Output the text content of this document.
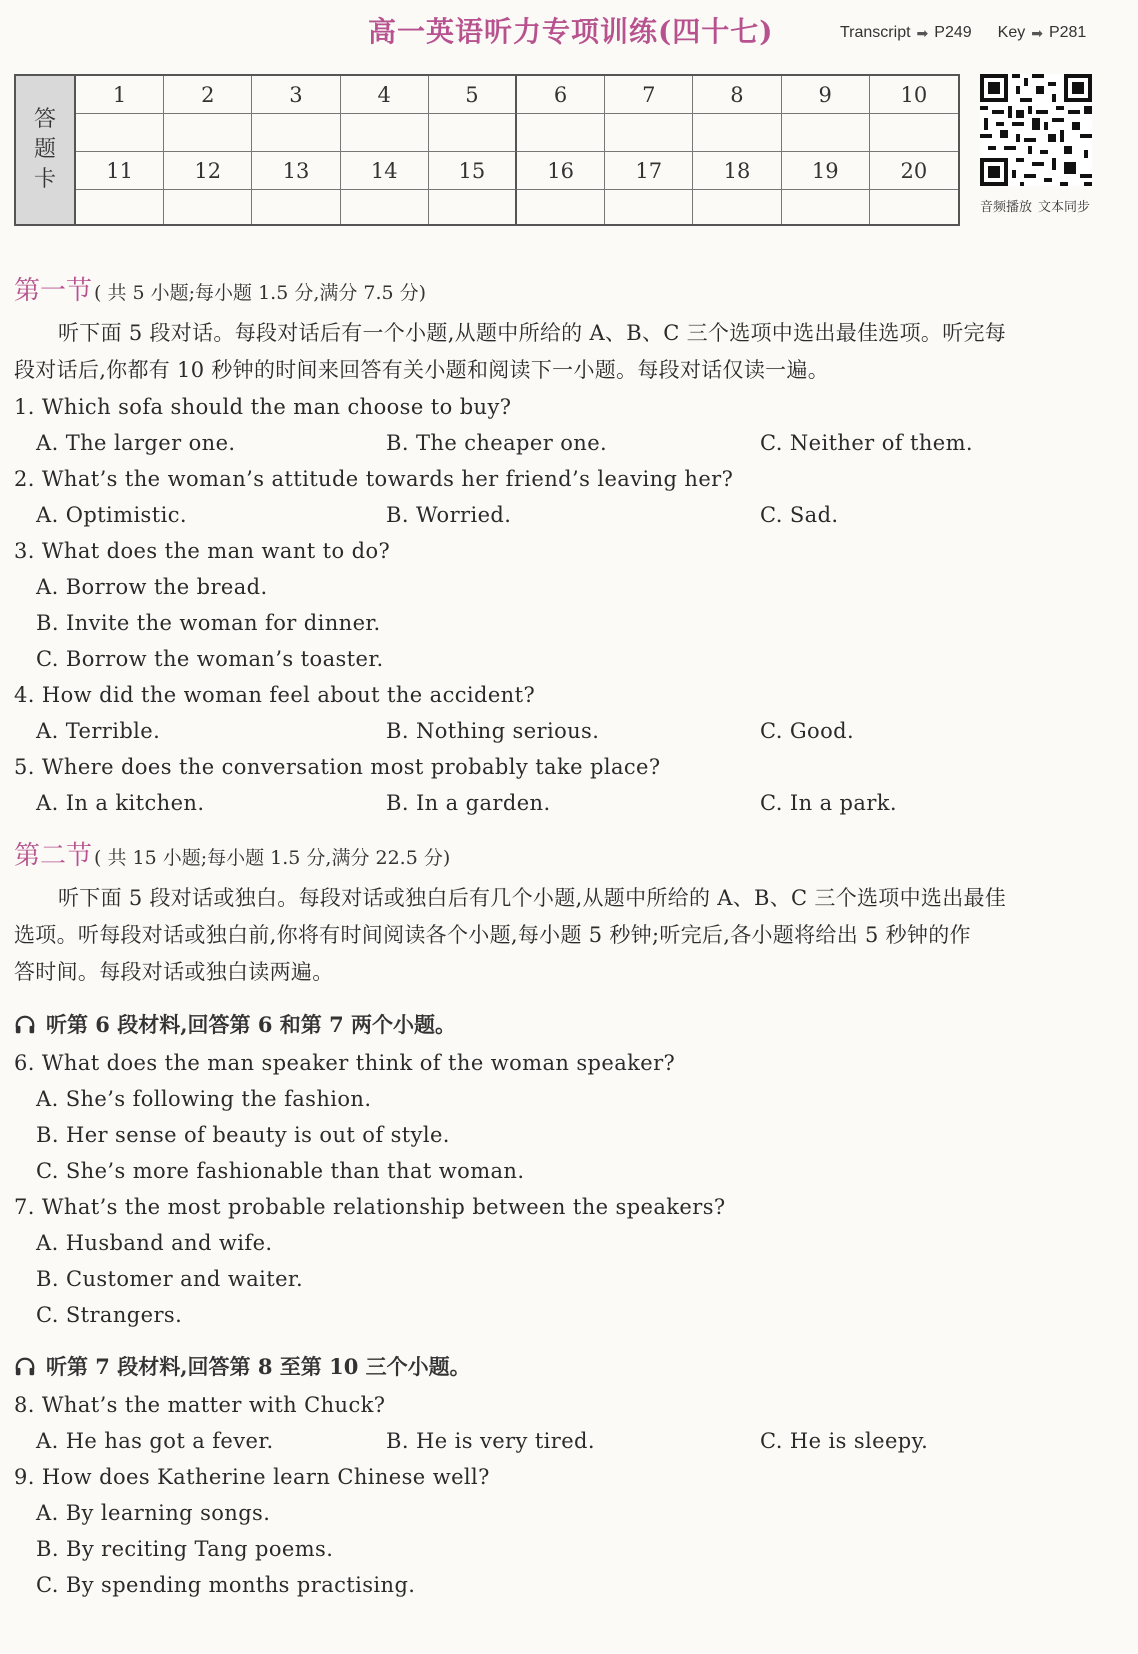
高一英语听力专项训练(四十七)	Transcript ➡ P249 Key ➡ P281
答
题
卡
1	2	3	4	5	6	7	8	9	10
11	12	13	14	15	16	17	18	19	20
音频播放 文本同步
第一节 ( 共 5 小题;每小题 1.5 分,满分 7.5 分)

听下面 5 段对话。每段对话后有一个小题,从题中所给的 A、B、C 三个选项中选出最佳选项。听完每

段对话后,你都有 10 秒钟的时间来回答有关小题和阅读下一小题。每段对话仅读一遍。

1. Which sofa should the man choose to buy?

A. The larger one.	B. The cheaper one.	C. Neither of them.

2. What’s the woman’s attitude towards her friend’s leaving her?

A. Optimistic.	B. Worried.	C. Sad.

3. What does the man want to do?

A. Borrow the bread.
B. Invite the woman for dinner.
C. Borrow the woman’s toaster.

4. How did the woman feel about the accident?

A. Terrible.	B. Nothing serious.	C. Good.

5. Where does the conversation most probably take place?

A. In a kitchen.	B. In a garden.	C. In a park.
第二节 ( 共 15 小题;每小题 1.5 分,满分 22.5 分)

听下面 5 段对话或独白。每段对话或独白后有几个小题,从题中所给的 A、B、C 三个选项中选出最佳

选项。听每段对话或独白前,你将有时间阅读各个小题,每小题 5 秒钟;听完后,各小题将给出 5 秒钟的作

答时间。每段对话或独白读两遍。

听第 6 段材料,回答第 6 和第 7 两个小题。

6. What does the man speaker think of the woman speaker?

A. She’s following the fashion.
B. Her sense of beauty is out of style.
C. She’s more fashionable than that woman.

7. What’s the most probable relationship between the speakers?

A. Husband and wife.
B. Customer and waiter.
C. Strangers.
听第 7 段材料,回答第 8 至第 10 三个小题。

8. What’s the matter with Chuck?

A. He has got a fever.	B. He is very tired.	C. He is sleepy.

9. How does Katherine learn Chinese well?

A. By learning songs.
B. By reciting Tang poems.
C. By spending months practising.
